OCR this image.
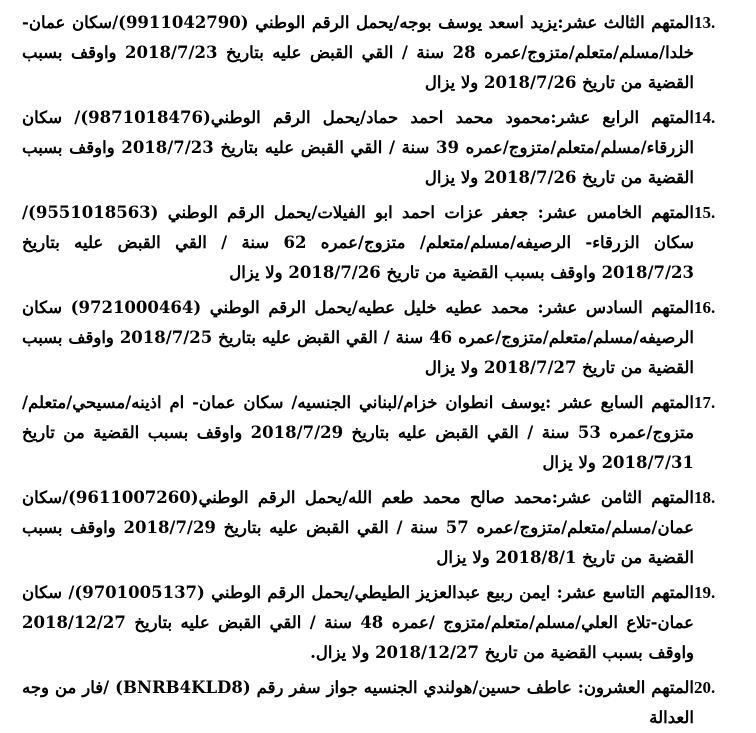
13.
المتهم الثالث عشر:يزيد اسعد يوسف بوجه/يحمل الرقم الوطني (9911042790)/سكان عمان- خلدا/مسلم/متعلم/متزوج/عمره 28 سنة / القي القبض عليه بتاريخ 2018/7/23 واوقف بسبب القضية من تاريخ 2018/7/26 ولا يزال
14.
المتهم الرابع عشر:محمود محمد احمد حماد/يحمل الرقم الوطني(9871018476)/ سكان الزرقاء/مسلم/متعلم/متزوج/عمره 39 سنة / القي القبض عليه بتاريخ 2018/7/23 واوقف بسبب القضية من تاريخ 2018/7/26 ولا يزال
15.
المتهم الخامس عشر: جعفر عزات احمد ابو الفيلات/يحمل الرقم الوطني (9551018563)/سكان الزرقاء- الرصيفه/مسلم/متعلم/ متزوج/عمره 62 سنة / القي القبض عليه بتاريخ 2018/7/23 واوقف بسبب القضية من تاريخ 2018/7/26 ولا يزال
16.
المتهم السادس عشر: محمد عطيه خليل عطيه/يحمل الرقم الوطني (9721000464) سكان الرصيفه/مسلم/متعلم/متزوج/عمره 46 سنة / القي القبض عليه بتاريخ 2018/7/25 واوقف بسبب القضية من تاريخ 2018/7/27 ولا يزال
17.
المتهم السابع عشر :يوسف انطوان خزام/لبناني الجنسيه/ سكان عمان- ام اذينه/مسيحي/متعلم/متزوج/عمره 53 سنة / القي القبض عليه بتاريخ 2018/7/29 واوقف بسبب القضية من تاريخ 2018/7/31 ولا يزال
18.
المتهم الثامن عشر:محمد صالح محمد طعم الله/يحمل الرقم الوطني(9611007260)/سكان عمان/مسلم/متعلم/متزوج/عمره 57 سنة / القي القبض عليه بتاريخ 2018/7/29 واوقف بسبب القضية من تاريخ 2018/8/1 ولا يزال
19.
المتهم التاسع عشر: ايمن ربيع عبدالعزيز الطيطي/يحمل الرقم الوطني (9701005137)/ سكان عمان-تلاع العلي/مسلم/متعلم/متزوج /عمره 48 سنة / القي القبض عليه بتاريخ 2018/12/27 واوقف بسبب القضية من تاريخ 2018/12/27 ولا يزال.
20.
المتهم العشرون: عاطف حسين/هولندي الجنسيه جواز سفر رقم (BNRB4KLD8) /فار من وجه العدالة
